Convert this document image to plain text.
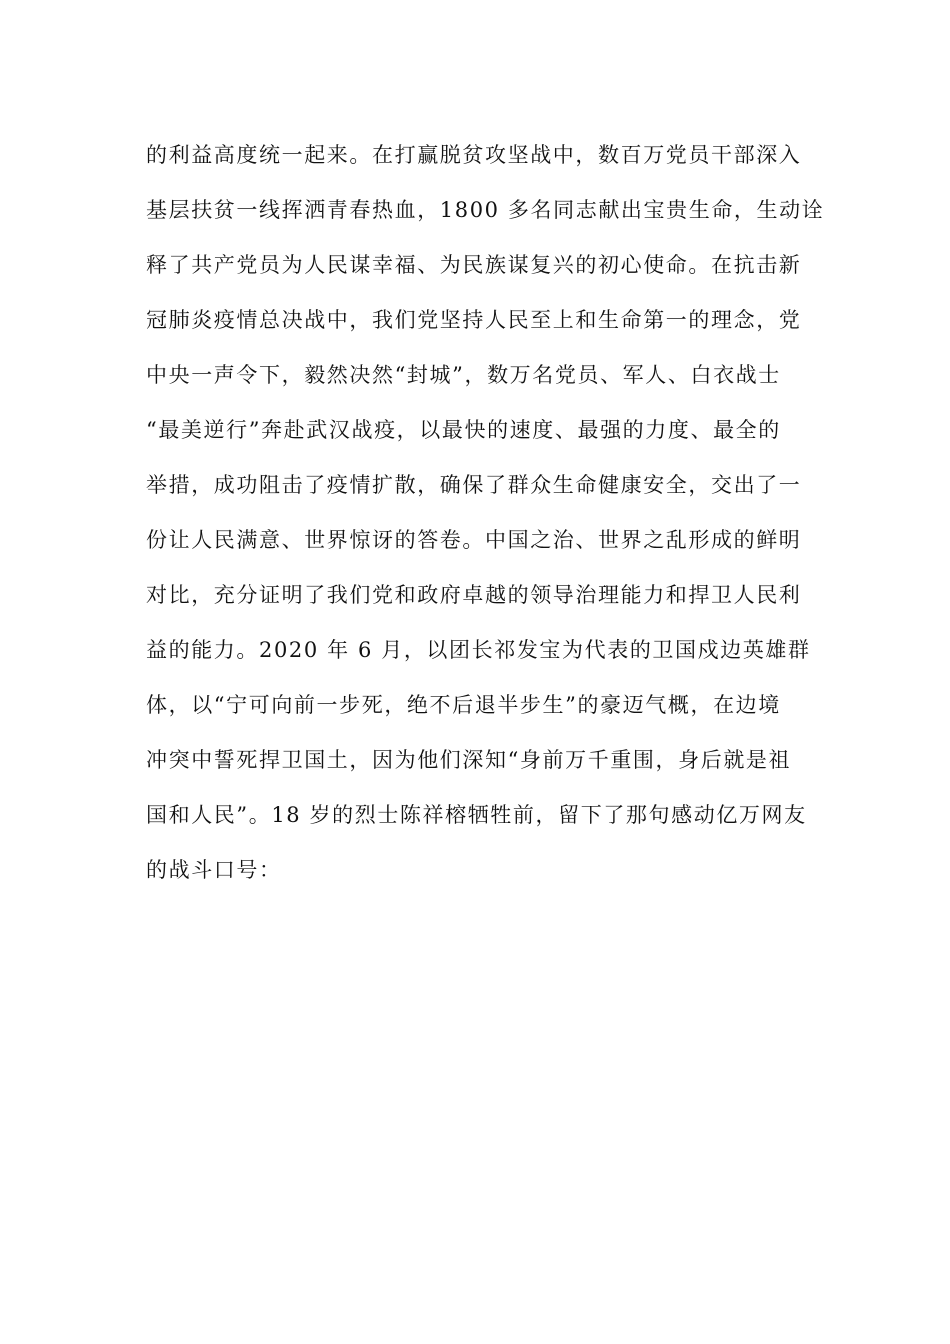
的利益高度统一起来。在打赢脱贫攻坚战中，数百万党员干部深入
基层扶贫一线挥洒青春热血，1800 多名同志献出宝贵生命，生动诠
释了共产党员为人民谋幸福、为民族谋复兴的初心使命。在抗击新
冠肺炎疫情总决战中，我们党坚持人民至上和生命第一的理念，党
中央一声令下，毅然决然“封城”，数万名党员、军人、白衣战士
“最美逆行”奔赴武汉战疫，以最快的速度、最强的力度、最全的
举措，成功阻击了疫情扩散，确保了群众生命健康安全，交出了一
份让人民满意、世界惊讶的答卷。中国之治、世界之乱形成的鲜明
对比，充分证明了我们党和政府卓越的领导治理能力和捍卫人民利
益的能力。2020 年 6 月，以团长祁发宝为代表的卫国戍边英雄群
体，以“宁可向前一步死，绝不后退半步生”的豪迈气概，在边境
冲突中誓死捍卫国土，因为他们深知“身前万千重围，身后就是祖
国和人民”。18 岁的烈士陈祥榕牺牲前，留下了那句感动亿万网友
的战斗口号：
